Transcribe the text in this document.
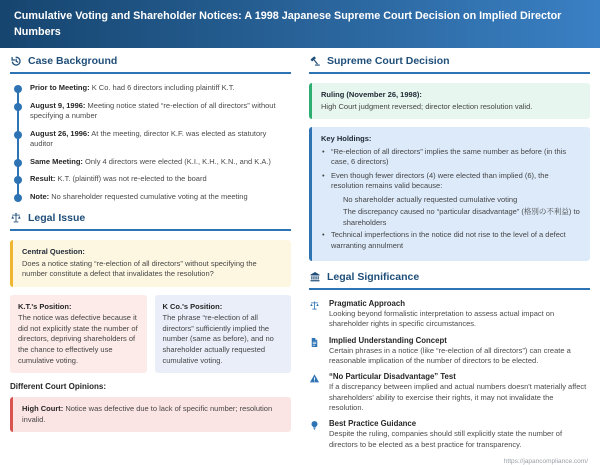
Cumulative Voting and Shareholder Notices: A 1998 Japanese Supreme Court Decision on Implied Director Numbers
Case Background
Prior to Meeting: K Co. had 6 directors including plaintiff K.T.
August 9, 1996: Meeting notice stated “re-election of all directors” without specifying a number
August 26, 1996: At the meeting, director K.F. was elected as statutory auditor
Same Meeting: Only 4 directors were elected (K.I., K.H., K.N., and K.A.)
Result: K.T. (plaintiff) was not re-elected to the board
Note: No shareholder requested cumulative voting at the meeting
Legal Issue
Central Question:
Does a notice stating “re-election of all directors” without specifying the number constitute a defect that invalidates the resolution?
K.T.'s Position:
The notice was defective because it did not explicitly state the number of directors, depriving shareholders of the chance to effectively use cumulative voting.
K Co.'s Position:
The phrase “re-election of all directors” sufficiently implied the number (same as before), and no shareholder actually requested cumulative voting.
Different Court Opinions:
High Court: Notice was defective due to lack of specific number; resolution invalid.
Supreme Court Decision
Ruling (November 26, 1998):
High Court judgment reversed; director election resolution valid.
Key Holdings:
• “Re-election of all directors” implies the same number as before (in this case, 6 directors)
• Even though fewer directors (4) were elected than implied (6), the resolution remains valid because:
No shareholder actually requested cumulative voting
The discrepancy caused no “particular disadvantage” (格別の不利益) to shareholders
• Technical imperfections in the notice did not rise to the level of a defect warranting annulment
Legal Significance
Pragmatic Approach
Looking beyond formalistic interpretation to assess actual impact on shareholder rights in specific circumstances.
Implied Understanding Concept
Certain phrases in a notice (like “re-election of all directors”) can create a reasonable implication of the number of directors to be elected.
“No Particular Disadvantage” Test
If a discrepancy between implied and actual numbers doesn't materially affect shareholders' ability to exercise their rights, it may not invalidate the resolution.
Best Practice Guidance
Despite the ruling, companies should still explicitly state the number of directors to be elected as a best practice for transparency.
https://japancompliance.com/
